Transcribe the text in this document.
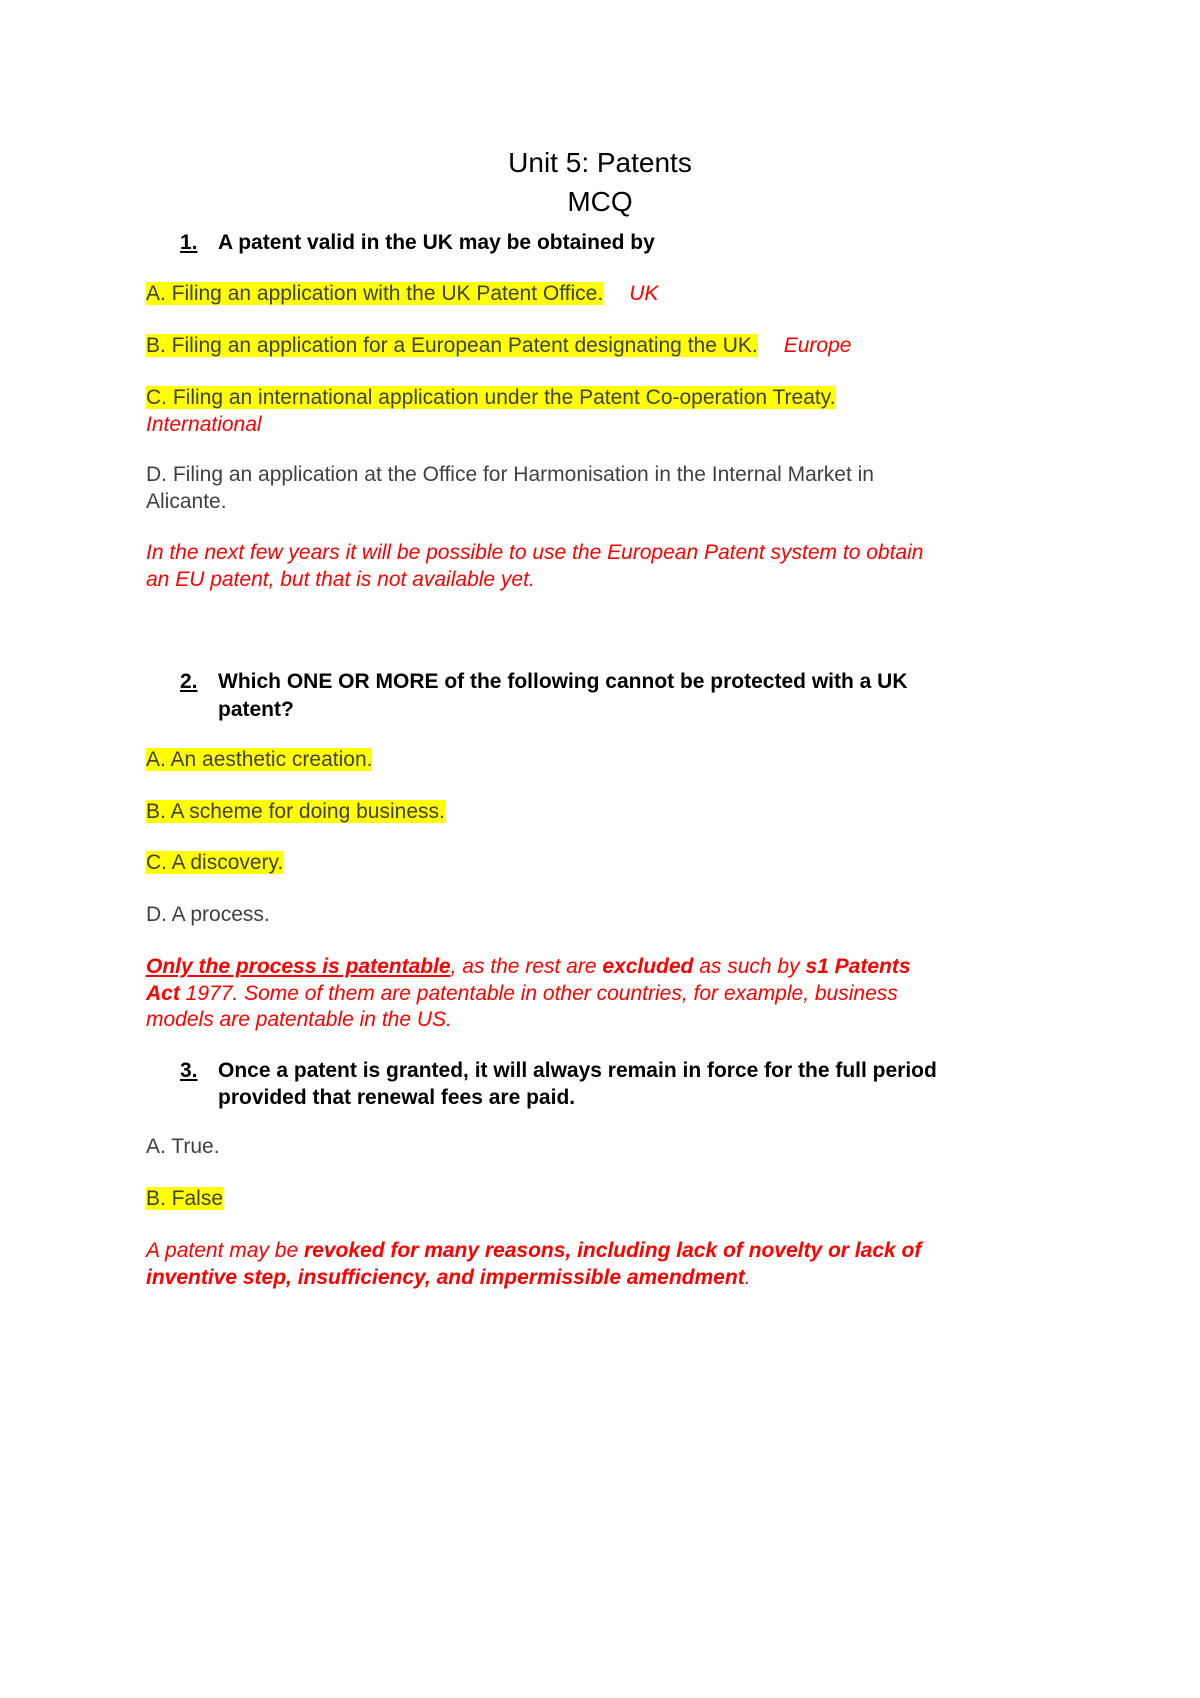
Unit 5: Patents
MCQ
1. A patent valid in the UK may be obtained by
A. Filing an application with the UK Patent Office. UK
B. Filing an application for a European Patent designating the UK. Europe
C. Filing an international application under the Patent Co-operation Treaty.
International
D. Filing an application at the Office for Harmonisation in the Internal Market in
Alicante.
In the next few years it will be possible to use the European Patent system to obtain
an EU patent, but that is not available yet.
2. Which ONE OR MORE of the following cannot be protected with a UK
patent?
A. An aesthetic creation.
B. A scheme for doing business.
C. A discovery.
D. A process.
Only the process is patentable, as the rest are excluded as such by s1 Patents
Act 1977. Some of them are patentable in other countries, for example, business
models are patentable in the US.
3. Once a patent is granted, it will always remain in force for the full period
provided that renewal fees are paid.
A. True.
B. False
A patent may be revoked for many reasons, including lack of novelty or lack of
inventive step, insufficiency, and impermissible amendment.
